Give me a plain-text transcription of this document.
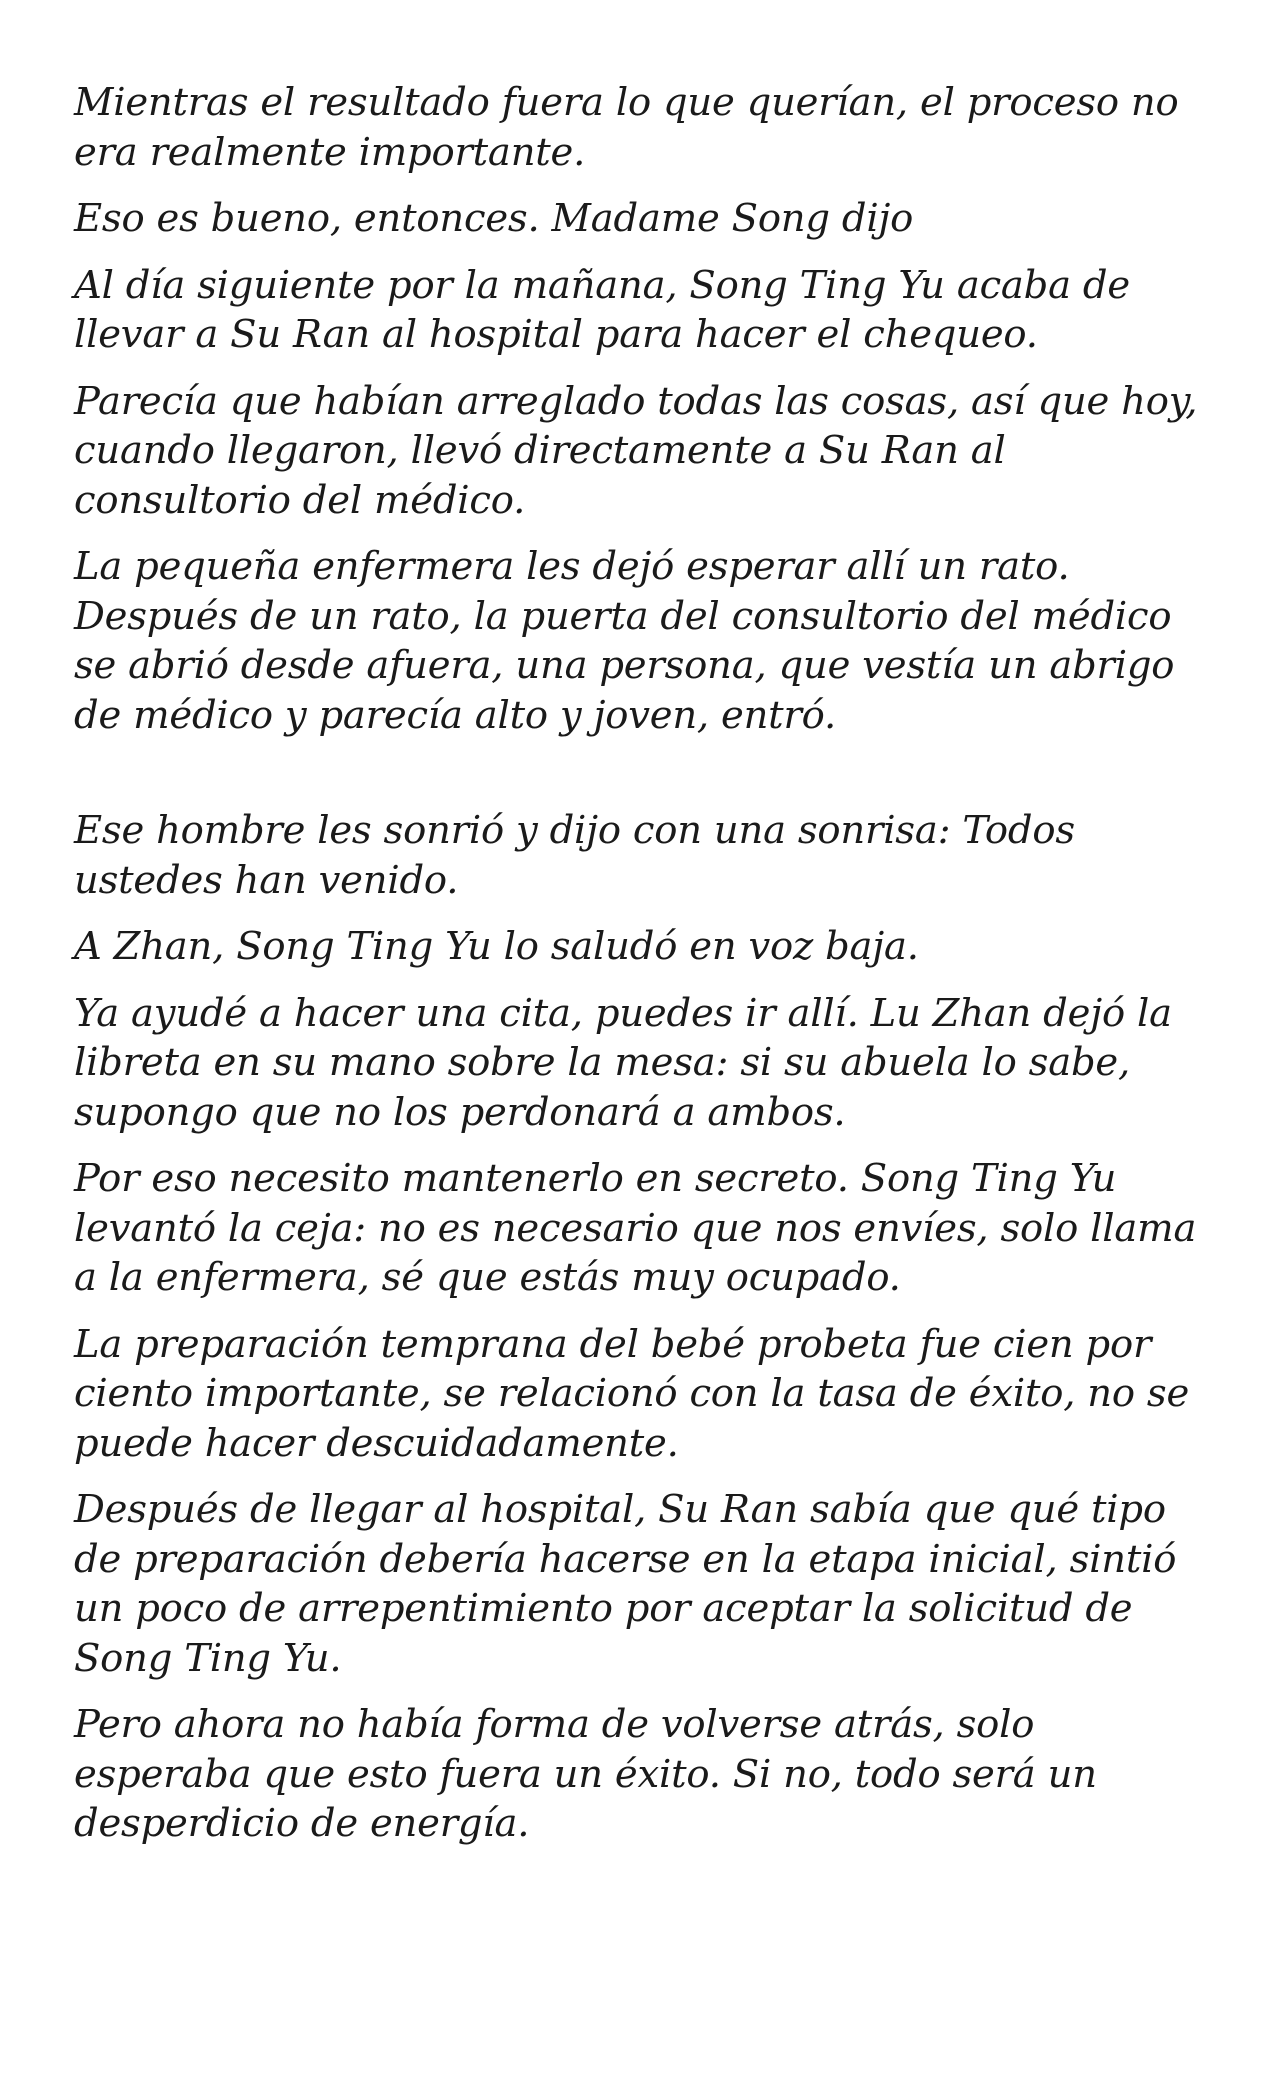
Mientras el resultado fuera lo que querían, el proceso no era realmente importante.

Eso es bueno, entonces. Madame Song dijo

Al día siguiente por la mañana, Song Ting Yu acaba de llevar a Su Ran al hospital para hacer el chequeo.

Parecía que habían arreglado todas las cosas, así que hoy, cuando llegaron, llevó directamente a Su Ran al consultorio del médico.

La pequeña enfermera les dejó esperar allí un rato. Después de un rato, la puerta del consultorio del médico se abrió desde afuera, una persona, que vestía un abrigo de médico y parecía alto y joven, entró.

Ese hombre les sonrió y dijo con una sonrisa: Todos ustedes han venido.

A Zhan, Song Ting Yu lo saludó en voz baja.

Ya ayudé a hacer una cita, puedes ir allí. Lu Zhan dejó la libreta en su mano sobre la mesa: si su abuela lo sabe, supongo que no los perdonará a ambos.

Por eso necesito mantenerlo en secreto. Song Ting Yu levantó la ceja: no es necesario que nos envíes, solo llama a la enfermera, sé que estás muy ocupado.

La preparación temprana del bebé probeta fue cien por ciento importante, se relacionó con la tasa de éxito, no se puede hacer descuidadamente.

Después de llegar al hospital, Su Ran sabía que qué tipo de preparación debería hacerse en la etapa inicial, sintió un poco de arrepentimiento por aceptar la solicitud de Song Ting Yu.

Pero ahora no había forma de volverse atrás, solo esperaba que esto fuera un éxito. Si no, todo será un desperdicio de energía.
